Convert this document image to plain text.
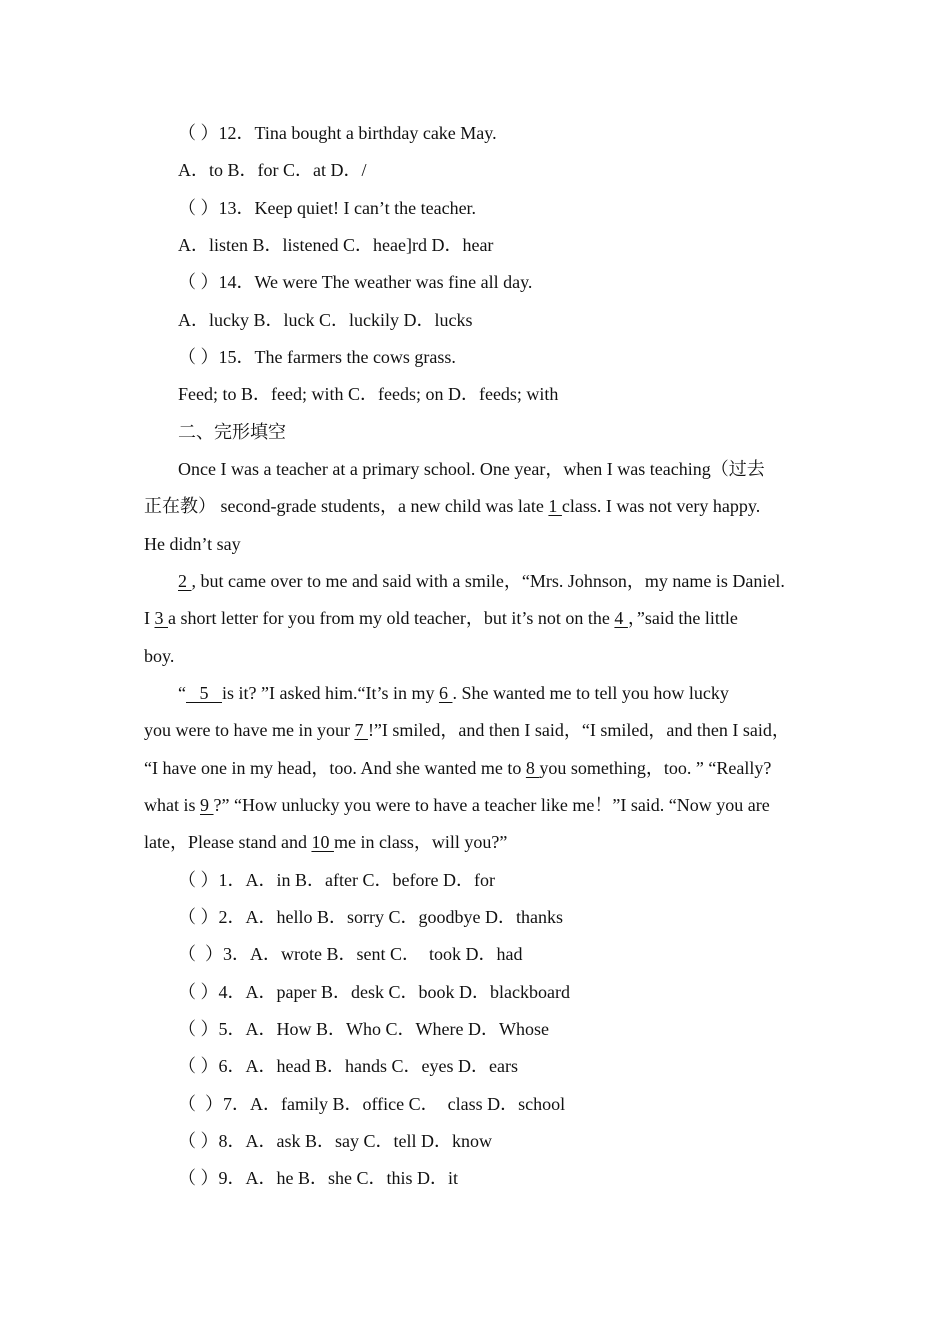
（ ）12．Tina bought a birthday cake May.
A．to B．for C．at D．/
（ ）13．Keep quiet! I can’t the teacher.
A．listen B．listened C．heae]rd D．hear
（ ）14．We were The weather was fine all day.
A．lucky B．luck C．luckily D．lucks
（ ）15．The farmers the cows grass.
Feed; to B．feed; with C．feeds; on D．feeds; with
二、完形填空
Once I was a teacher at a primary school. One year，when I was teaching（过去
正在教） second-grade students，a new child was late 1 class. I was not very happy.
He didn’t say
2 , but came over to me and said with a smile，“Mrs. Johnson，my name is Daniel.
I 3 a short letter for you from my old teacher，but it’s not on the 4 ，”said the little
boy.
“   5   is it? ”I asked him.“It’s in my 6 . She wanted me to tell you how lucky
you were to have me in your 7 !”I smiled，and then I said，“I smiled，and then I said，
“I have one in my head，too. And she wanted me to 8 you something，too. ” “Really?
what is 9 ?” “How unlucky you were to have a teacher like me！”I said. “Now you are
late，Please stand and 10 me in class，will you?”
（ ）1．A．in B．after C．before D．for
（ ）2．A．hello B．sorry C．goodbye D．thanks
（  ）3．A．wrote B．sent C．  took D．had
（ ）4．A．paper B．desk C．book D．blackboard
（ ）5．A．How B．Who C．Where D．Whose
（ ）6．A．head B．hands C．eyes D．ears
（  ）7．A．family B．office C．  class D．school
（ ）8．A．ask B．say C．tell D．know
（ ）9．A．he B．she C．this D．it
